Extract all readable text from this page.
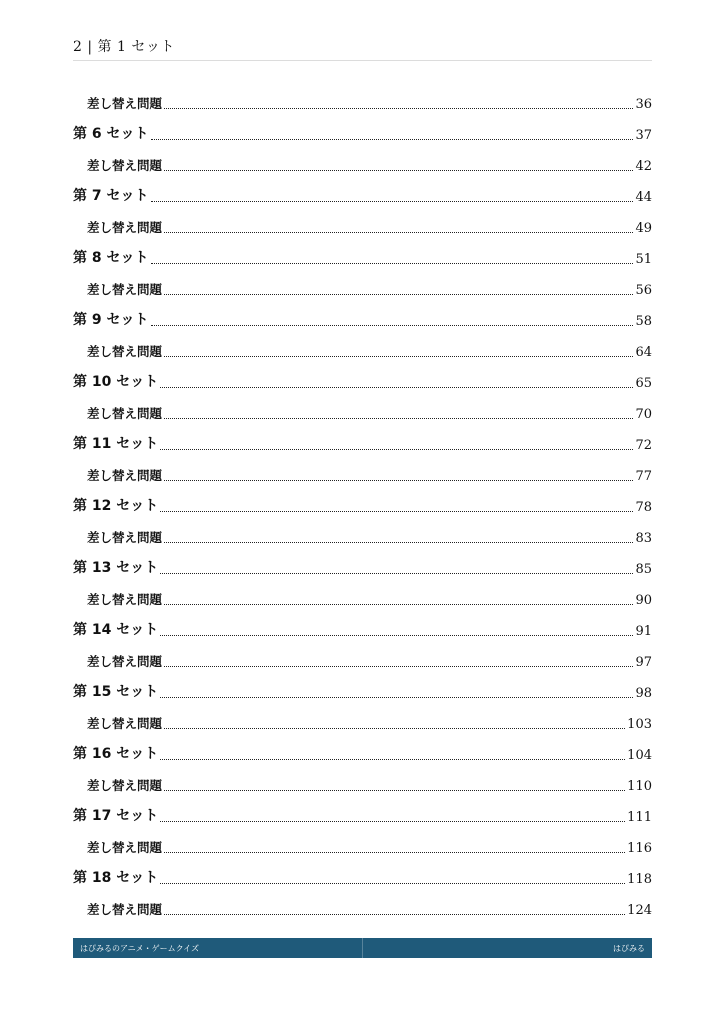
2 | 第 1 セット
差し替え問題	36
第 6 セット	37
差し替え問題	42
第 7 セット	44
差し替え問題	49
第 8 セット	51
差し替え問題	56
第 9 セット	58
差し替え問題	64
第 10 セット	65
差し替え問題	70
第 11 セット	72
差し替え問題	77
第 12 セット	78
差し替え問題	83
第 13 セット	85
差し替え問題	90
第 14 セット	91
差し替え問題	97
第 15 セット	98
差し替え問題	103
第 16 セット	104
差し替え問題	110
第 17 セット	111
差し替え問題	116
第 18 セット	118
差し替え問題	124
はぴみるのアニメ・ゲームクイズ	はぴみる
